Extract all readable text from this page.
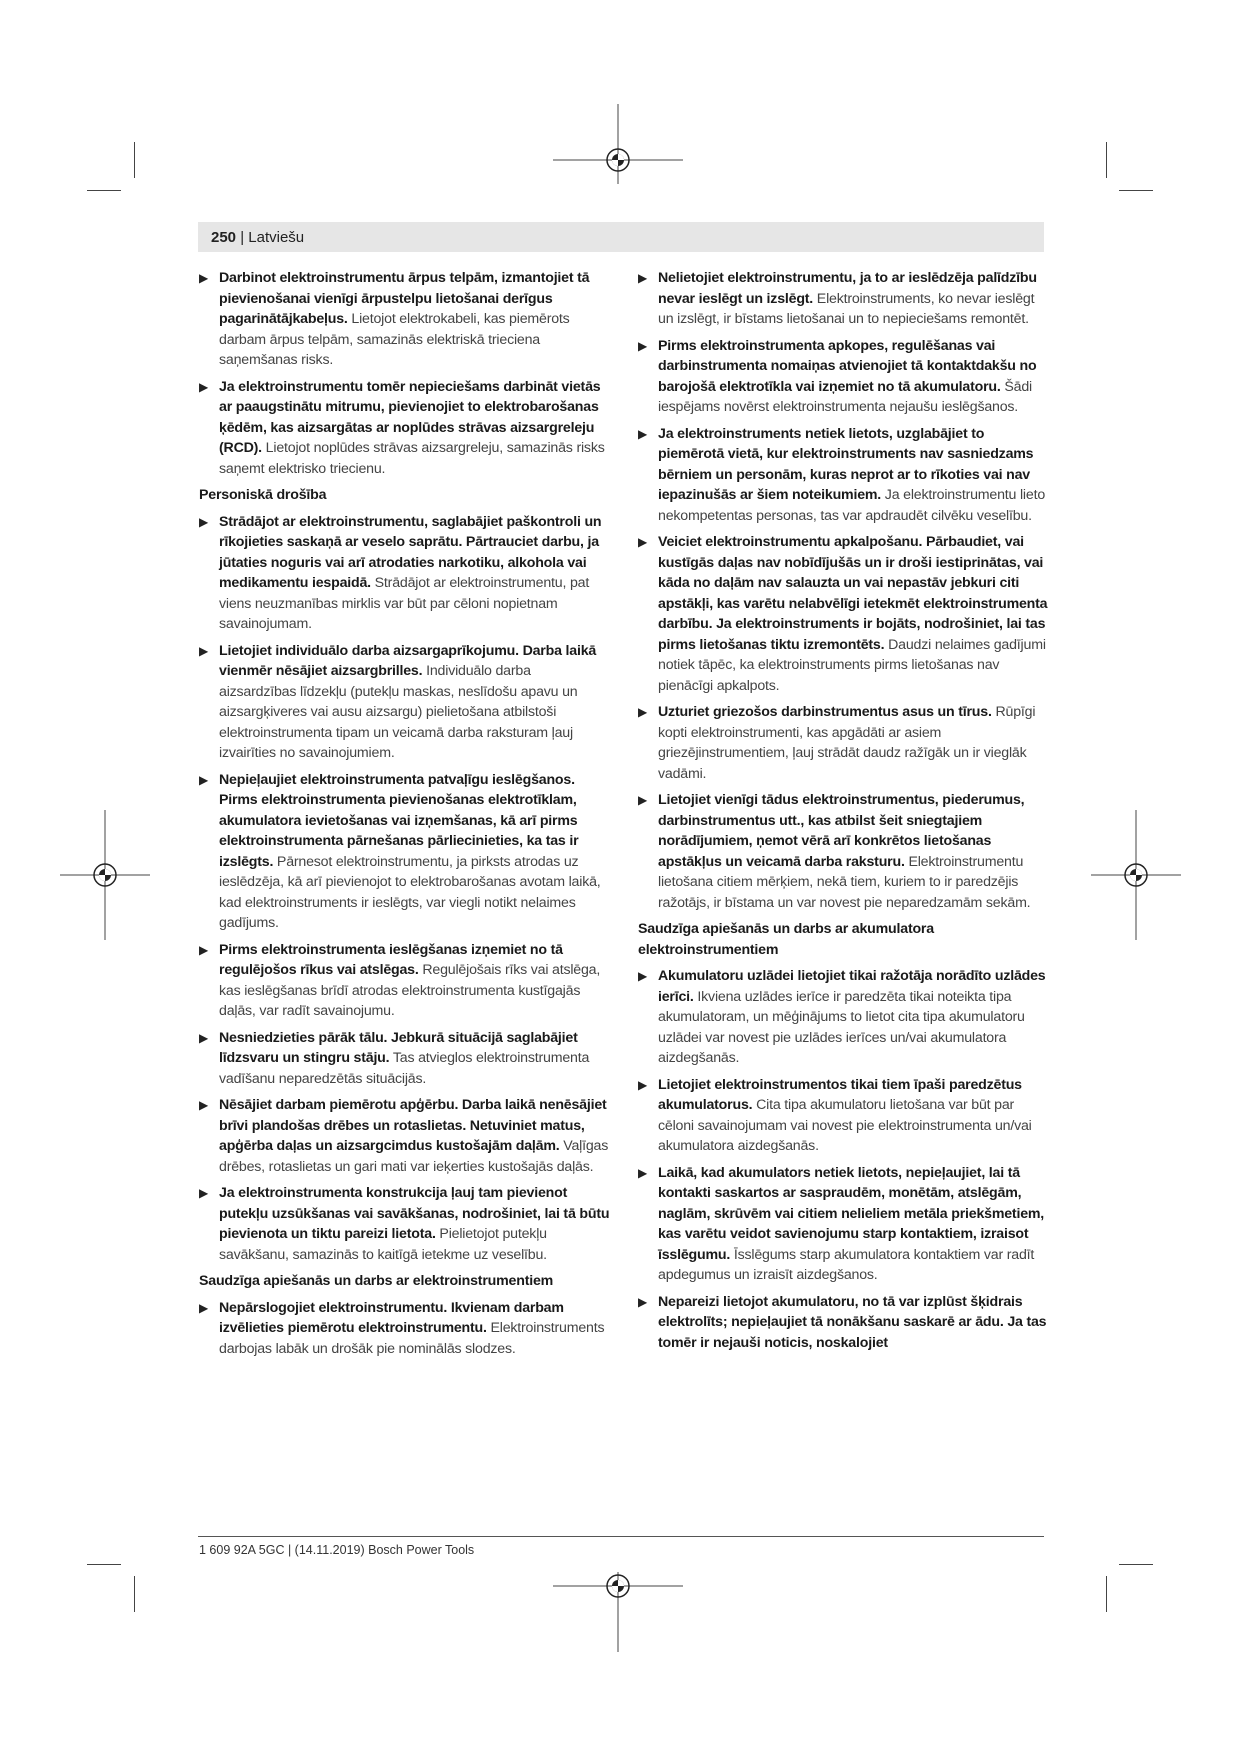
250 | Latviešu
▶ Darbinot elektroinstrumentu ārpus telpām, izmantojiet tā pievienošanai vienīgi ārpustelpu lietošanai derīgus pagarinātājkabeļus. Lietojot elektrokabeli, kas piemērots darbam ārpus telpām, samazinās elektriskā trieciena saņemšanas risks.
▶ Ja elektroinstrumentu tomēr nepieciešams darbināt vietās ar paaugstinātu mitrumu, pievienojiet to elektrobarošanas ķēdēm, kas aizsargātas ar noplūdes strāvas aizsargreleju (RCD). Lietojot noplūdes strāvas aizsargreleju, samazinās risks saņemt elektrisko triecienu.
Personiskā drošība
▶ Strādājot ar elektroinstrumentu, saglabājiet paškontroli un rīkojieties saskaņā ar veselo saprātu. Pārtrauciet darbu, ja jūtaties noguris vai arī atrodaties narkotiku, alkohola vai medikamentu iespaidā. Strādājot ar elektroinstrumentu, pat viens neuzmanības mirklis var būt par cēloni nopietnam savainojumam.
▶ Lietojiet individuālo darba aizsargaprīkojumu. Darba laikā vienmēr nēsājiet aizsargbrilles. Individuālo darba aizsardzības līdzekļu (putekļu maskas, neslīdošu apavu un aizsargķiveres vai ausu aizsargu) pielietošana atbilstoši elektroinstrumenta tipam un veicamā darba raksturam ļauj izvairīties no savainojumiem.
▶ Nepieļaujiet elektroinstrumenta patvaļīgu ieslēgšanos. Pirms elektroinstrumenta pievienošanas elektrotīklam, akumulatora ievietošanas vai izņemšanas, kā arī pirms elektroinstrumenta pārnešanas pārliecinieties, ka tas ir izslēgts. Pārnesot elektroinstrumentu, ja pirksts atrodas uz ieslēdzēja, kā arī pievienojot to elektrobarošanas avotam laikā, kad elektroinstruments ir ieslēgts, var viegli notikt nelaimes gadījums.
▶ Pirms elektroinstrumenta ieslēgšanas izņemiet no tā regulējošos rīkus vai atslēgas. Regulējošais rīks vai atslēga, kas ieslēgšanas brīdī atrodas elektroinstrumenta kustīgajās daļās, var radīt savainojumu.
▶ Nesniedzieties pārāk tālu. Jebkurā situācijā saglabājiet līdzsvaru un stingru stāju. Tas atvieglos elektroinstrumenta vadīšanu neparedzētās situācijās.
▶ Nēsājiet darbam piemērotu apģērbu. Darba laikā nenēsājiet brīvi plandošas drēbes un rotaslietas. Netuviniet matus, apģērba daļas un aizsargcimdus kustošajām daļām. Vaļīgas drēbes, rotaslietas un gari mati var ieķerties kustošajās daļās.
▶ Ja elektroinstrumenta konstrukcija ļauj tam pievienot putekļu uzsūkšanas vai savākšanas, nodrošiniet, lai tā būtu pievienota un tiktu pareizi lietota. Pielietojot putekļu savākšanu, samazinās to kaitīgā ietekme uz veselību.
Saudzīga apiešanās un darbs ar elektroinstrumentiem
▶ Nepārslogojiet elektroinstrumentu. Ikvienam darbam izvēlieties piemērotu elektroinstrumentu. Elektroinstruments darbojas labāk un drošāk pie nominālās slodzes.
▶ Nelietojiet elektroinstrumentu, ja to ar ieslēdzēja palīdzību nevar ieslēgt un izslēgt. Elektroinstruments, ko nevar ieslēgt un izslēgt, ir bīstams lietošanai un to nepieciešams remontēt.
▶ Pirms elektroinstrumenta apkopes, regulēšanas vai darbinstrumenta nomaiņas atvienojiet tā kontaktdakšu no barojošā elektrotīkla vai izņemiet no tā akumulatoru. Šādi iespējams novērst elektroinstrumenta nejaušu ieslēgšanos.
▶ Ja elektroinstruments netiek lietots, uzglabājiet to piemērotā vietā, kur elektroinstruments nav sasniedzams bērniem un personām, kuras neprot ar to rīkoties vai nav iepazinušās ar šiem noteikumiem. Ja elektroinstrumentu lieto nekompetentas personas, tas var apdraudēt cilvēku veselību.
▶ Veiciet elektroinstrumentu apkalpošanu. Pārbaudiet, vai kustīgās daļas nav nobīdījušās un ir droši iestiprinātas, vai kāda no daļām nav salauzta un vai nepastāv jebkuri citi apstākļi, kas varētu nelabvēlīgi ietekmēt elektroinstrumenta darbību. Ja elektroinstruments ir bojāts, nodrošiniet, lai tas pirms lietošanas tiktu izremontēts. Daudzi nelaimes gadījumi notiek tāpēc, ka elektroinstruments pirms lietošanas nav pienācīgi apkalpots.
▶ Uzturiet griezošos darbinstrumentus asus un tīrus. Rūpīgi kopti elektroinstrumenti, kas apgādāti ar asiem griezējinstrumentiem, ļauj strādāt daudz ražīgāk un ir vieglāk vadāmi.
▶ Lietojiet vienīgi tādus elektroinstrumentus, piederumus, darbinstrumentus utt., kas atbilst šeit sniegtajiem norādījumiem, ņemot vērā arī konkrētos lietošanas apstākļus un veicamā darba raksturu. Elektroinstrumentu lietošana citiem mērķiem, nekā tiem, kuriem to ir paredzējis ražotājs, ir bīstama un var novest pie neparedzamām sekām.
Saudzīga apiešanās un darbs ar akumulatora elektroinstrumentiem
▶ Akumulatoru uzlādei lietojiet tikai ražotāja norādīto uzlādes ierīci. Ikviena uzlādes ierīce ir paredzēta tikai noteikta tipa akumulatoram, un mēģinājums to lietot cita tipa akumulatoru uzlādei var novest pie uzlādes ierīces un/vai akumulatora aizdegšanās.
▶ Lietojiet elektroinstrumentos tikai tiem īpaši paredzētus akumulatorus. Cita tipa akumulatoru lietošana var būt par cēloni savainojumam vai novest pie elektroinstrumenta un/vai akumulatora aizdegšanās.
▶ Laikā, kad akumulators netiek lietots, nepieļaujiet, lai tā kontakti saskartos ar saspraudēm, monētām, atslēgām, naglām, skrūvēm vai citiem nelieliem metāla priekšmetiem, kas varētu veidot savienojumu starp kontaktiem, izraisot īsslēgumu. Īsslēgums starp akumulatora kontaktiem var radīt apdegumus un izraisīt aizdegšanos.
▶ Nepareizi lietojot akumulatoru, no tā var izplūst šķidrais elektrolīts; nepieļaujiet tā nonākšanu saskarē ar ādu. Ja tas tomēr ir nejauši noticis, noskalojiet
1 609 92A 5GC | (14.11.2019) Bosch Power Tools
